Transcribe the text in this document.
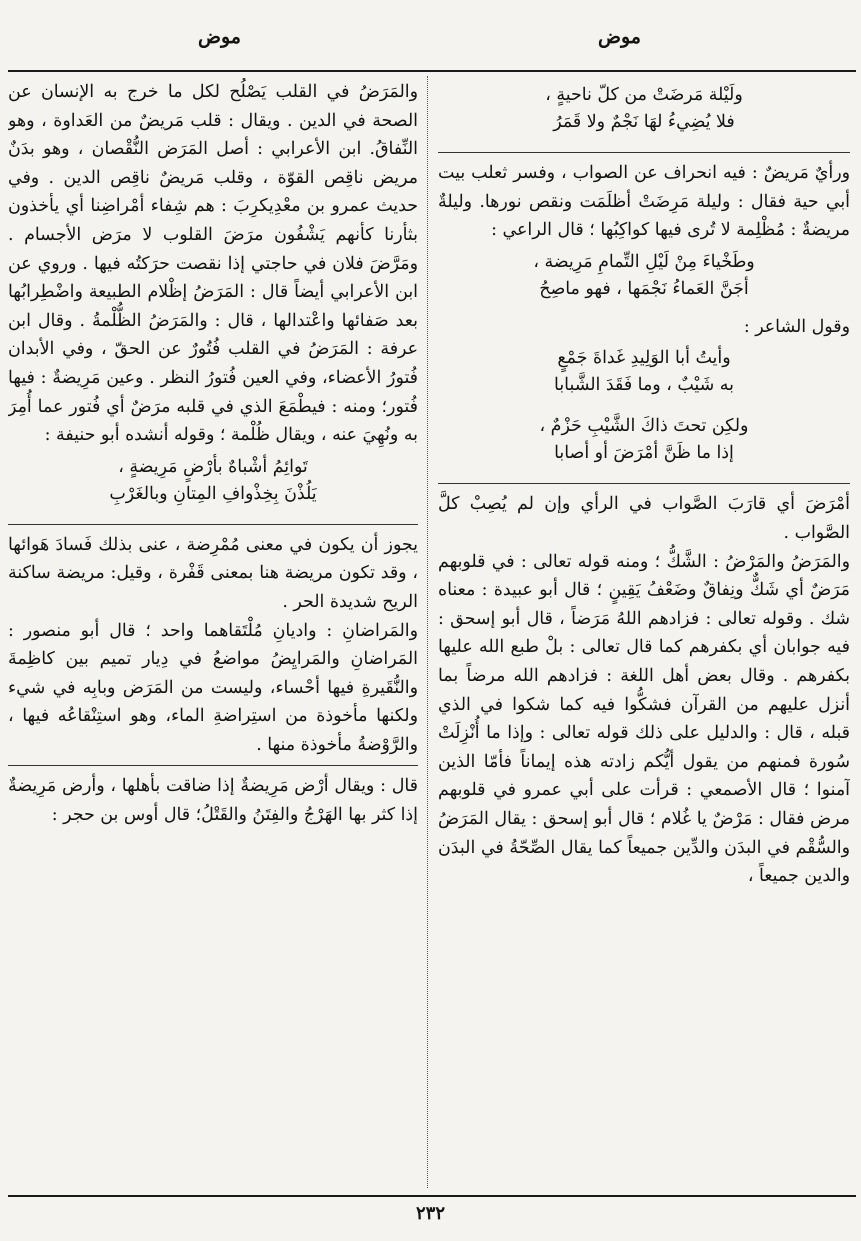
موض
موض
ولَيْلة مَرضَتْ من كلّ ناحيةٍ ،
فلا يُضِيءُ لهَا نَجْمٌ ولا قَمَرُ

ورأيٌ مَريضٌ : فيه انحراف عن الصواب ، وفسر ثعلب بيت أبي حية فقال : وليلة مَرِضَتْ أظلَمَت ونقص نورها. وليلةٌ مريضةٌ : مُظْلِمة لا تُرى فيها كواكِبُها ؛ قال الراعي :

وطَخْياءَ مِنْ لَيْلِ التِّمامِ مَرِيضة ،
أجَنَّ العَماءُ نَجْمَها ، فهو ماصِحُ

وقول الشاعر :

وأيتُ أبا الوَلِيدِ غَداةَ جَمْعٍ
به شَيْبٌ ، وما فَقَدَ الشَّبابا
ولكِن تحتَ ذاكَ الشَّيْبِ حَزْمٌ ،
إذا ما ظَنَّ أمْرَضَ أو أصابا

أمْرَضَ أي قارَبَ الصَّواب في الرأي وإن لم يُصِبْ كلَّ الصَّواب .

والمَرَضُ والمَرْضُ : الشَّكُّ ؛ ومنه قوله تعالى : في قلوبهم مَرَضٌ أي شَكٌّ ونِفاقٌ وضَعْفُ يَقِينٍ ؛ قال أبو عبيدة : معناه شك . وقوله تعالى : فزادهم اللهُ مَرَضاً ، قال أبو إسحق : فيه جوابان أي بكفرهم كما قال تعالى : بلْ طبع الله عليها بكفرهم . وقال بعض أهل اللغة : فزادهم الله مرضاً بما أنزل عليهم من القرآن فشكُّوا فيه كما شكوا في الذي قبله ، قال : والدليل على ذلك قوله تعالى : وإذا ما أُنْزِلَتْ سُورة فمنهم من يقول أيُّكم زادته هذه إيماناً فأمّا الذين آمنوا ؛ قال الأصمعي : قرأت على أبي عمرو في قلوبهم مرض فقال : مَرْضٌ يا غُلام ؛ قال أبو إسحق : يقال المَرَضُ والسُّقْم في البدَن والدِّين جميعاً كما يقال الصِّحّةُ في البدَن والدين جميعاً ،

والمَرَضُ في القلب يَصْلُح لكل ما خرج به الإنسان عن الصحة في الدين . ويقال : قلب مَريضٌ من العَداوة ، وهو النِّفاقُ. ابن الأعرابي : أصل المَرَض النُّقْصان ، وهو بدَنٌ مريض ناقِص القوّة ، وقلب مَريضٌ ناقِص الدين . وفي حديث عمرو بن معْدِيكرِبَ : هم شِفاء أمْراضِنا أي يأخذون بثأرنا كأنهم يَشْفُون مرَضَ القلوب لا مرَض الأجسام . ومَرَّضَ فلان في حاجتي إذا نقصت حرَكتُه فيها . وروي عن ابن الأعرابي أيضاً قال : المَرَضُ إظْلام الطبيعة واضْطِرابُها بعد صَفائها واعْتدالها ، قال : والمَرَضُ الظُّلْمةُ . وقال ابن عرفة : المَرَضُ في القلب فُتُورٌ عن الحقّ ، وفي الأبدان فُتورُ الأعضاء، وفي العين فُتورُ النظر . وعين مَرِيضةٌ : فيها فُتور؛ ومنه : فيطْمَعَ الذي في قلبه مرَضٌ أي فُتور عما أُمِرَ به ونُهِيَ عنه ، ويقال ظُلْمة ؛ وقوله أنشده أبو حنيفة :

تَوائِمُ أشْباهٌ بأرْضٍ مَرِيضةٍ ،
يَلُذْنَ بِخِذْوافِ المِتانِ وبالغَرْبِ

يجوز أن يكون في معنى مُمْرِضة ، عنى بذلك فَسادَ هَوائها ، وقد تكون مريضة هنا بمعنى قَفْرة ، وقيل: مريضة ساكنة الريح شديدة الحر .

والمَراضانِ : واديانِ مُلْتَقاهما واحد ؛ قال أبو منصور : المَراضانِ والمَرايِضُ مواضعُ في دِيار تميم بين كاظِمةَ والنُّقَيرةِ فيها أحْساء، وليست من المَرَض وبابِه في شيء ولكنها مأخوذة من استِراضةِ الماء، وهو استِنْقاعُه فيها ، والرَّوْضةُ مأخوذة منها .

قال : ويقال أرْض مَرِيضةٌ إذا ضاقت بأهلها ، وأرض مَرِيضةٌ إذا كثر بها الهَرْجُ والفِتَنُ والقَتْلُ؛ قال أوس بن حجر :

٢٣٢
